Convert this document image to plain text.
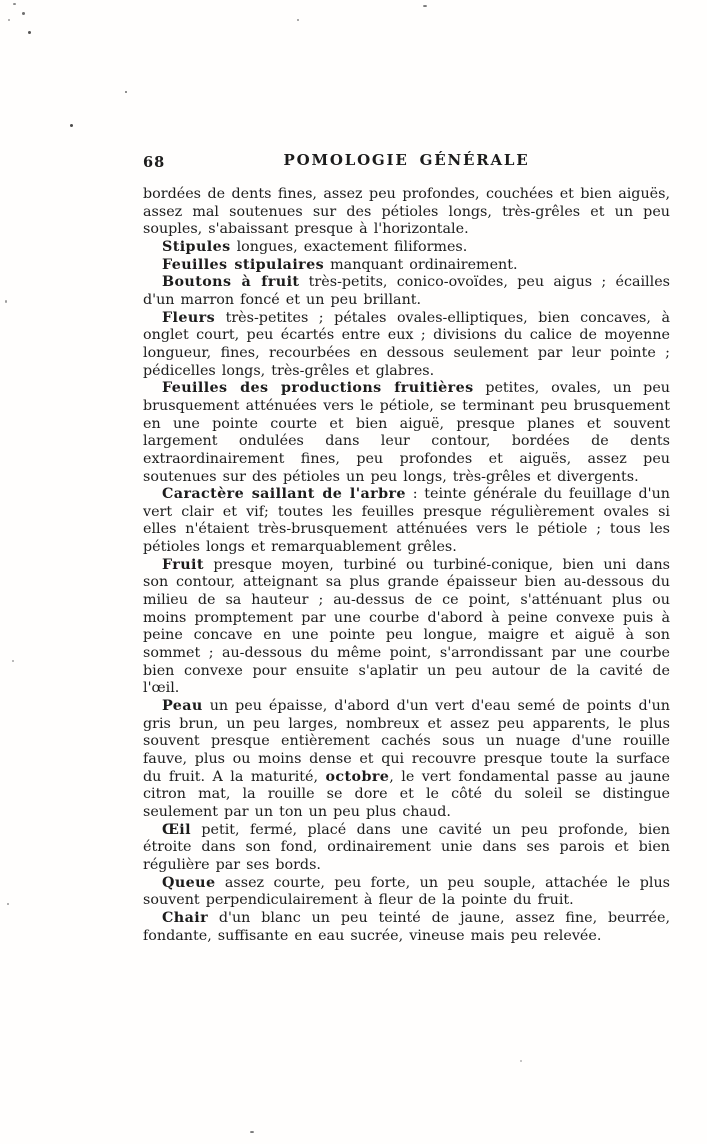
68	POMOLOGIE GÉNÉRALE

bordées de dents fines, assez peu profondes, couchées et bien aiguës, assez mal soutenues sur des pétioles longs, très-grêles et un peu souples, s'abaissant presque à l'horizontale.

Stipules longues, exactement filiformes.

Feuilles stipulaires manquant ordinairement.

Boutons à fruit très-petits, conico-ovoïdes, peu aigus ; écailles d'un marron foncé et un peu brillant.

Fleurs très-petites ; pétales ovales-elliptiques, bien concaves, à onglet court, peu écartés entre eux ; divisions du calice de moyenne longueur, fines, recourbées en dessous seulement par leur pointe ; pédicelles longs, très-grêles et glabres.

Feuilles des productions fruitières petites, ovales, un peu brusquement atténuées vers le pétiole, se terminant peu brusquement en une pointe courte et bien aiguë, presque planes et souvent largement ondulées dans leur contour, bordées de dents extraordinairement fines, peu profondes et aiguës, assez peu soutenues sur des pétioles un peu longs, très-grêles et divergents.

Caractère saillant de l'arbre : teinte générale du feuillage d'un vert clair et vif; toutes les feuilles presque régulièrement ovales si elles n'étaient très-brusquement atténuées vers le pétiole ; tous les pétioles longs et remarquablement grêles.

Fruit presque moyen, turbiné ou turbiné-conique, bien uni dans son contour, atteignant sa plus grande épaisseur bien au-dessous du milieu de sa hauteur ; au-dessus de ce point, s'atténuant plus ou moins promptement par une courbe d'abord à peine convexe puis à peine concave en une pointe peu longue, maigre et aiguë à son sommet ; au-dessous du même point, s'arrondissant par une courbe bien convexe pour ensuite s'aplatir un peu autour de la cavité de l'œil.

Peau un peu épaisse, d'abord d'un vert d'eau semé de points d'un gris brun, un peu larges, nombreux et assez peu apparents, le plus souvent presque entièrement cachés sous un nuage d'une rouille fauve, plus ou moins dense et qui recouvre presque toute la surface du fruit. A la maturité, octobre, le vert fondamental passe au jaune citron mat, la rouille se dore et le côté du soleil se distingue seulement par un ton un peu plus chaud.

Œil petit, fermé, placé dans une cavité un peu profonde, bien étroite dans son fond, ordinairement unie dans ses parois et bien régulière par ses bords.

Queue assez courte, peu forte, un peu souple, attachée le plus souvent perpendiculairement à fleur de la pointe du fruit.

Chair d'un blanc un peu teinté de jaune, assez fine, beurrée, fondante, suffisante en eau sucrée, vineuse mais peu relevée.
